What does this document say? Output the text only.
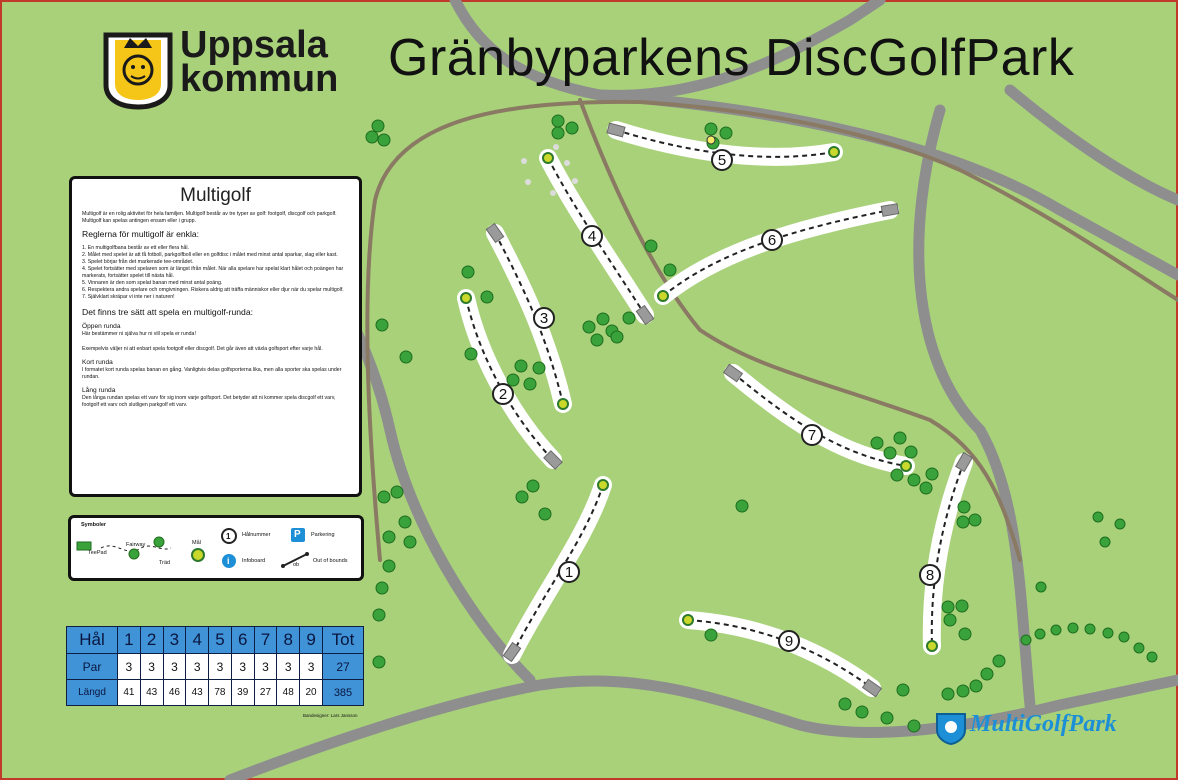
1
2
3
4
5
6
7
8
9
Uppsala
kommun Gränbyparkens DiscGolfPark
Multigolf
Multigolf är en rolig aktivitet för hela familjen. Multigolf består av tre typer av golf: footgolf, discgolf och parkgolf. Multigolf kan spelas antingen ensam eller i grupp.
Reglerna för multigolf är enkla:
1. En multigolfbana består av ett eller flera hål.
2. Målet med spelet är att få fotboll, parkgolfboll eller en golfdisc i målet med minst antal sparkar, slag eller kast.
3. Spelet börjar från det markerade tee-området.
4. Spelet fortsätter med spelaren som är längst ifrån målet. När alla spelare har spelat klart hålet och poängen har markerats, fortsätter spelet till nästa hål.
5. Vinnaren är den som spelat banan med minst antal poäng.
6. Respektera andra spelare och omgivningen. Riskera aldrig att träffa människor eller djur när du spelar multigolf.
7. Självklart skräpar vi inte ner i naturen!
Det finns tre sätt att spela en multigolf-runda:
Öppen runda
Här bestämmer ni själva hur ni vill spela er runda!
Exempelvis väljer ni att enbart spela footgolf eller discgolf. Det går även att växla golfsport efter varje hål.
Kort runda
I formatet kort runda spelas banan en gång. Vanligtvis delas golfsporterna lika, men alla sporter ska spelas under rundan.
Lång runda
Den långa rundan spelas ett varv för sig inom varje golfsport. Det betyder att ni kommer spela discgolf ett varv, footgolf ett varv och slutligen parkgolf ett varv.
Symboler
TeePad
Fairway
Träd
Mål
1 Hålnummer
i Infoboard
P Parkering
ob
Out of bounds
Hål	1	2	3	4	5	6	7	8	9	Tot
Par	3	3	3	3	3	3	3	3	3	27
Längd	41	43	46	43	78	39	27	48	20	385
Bandesigner: Lars Jansson	MultiGolfPark
